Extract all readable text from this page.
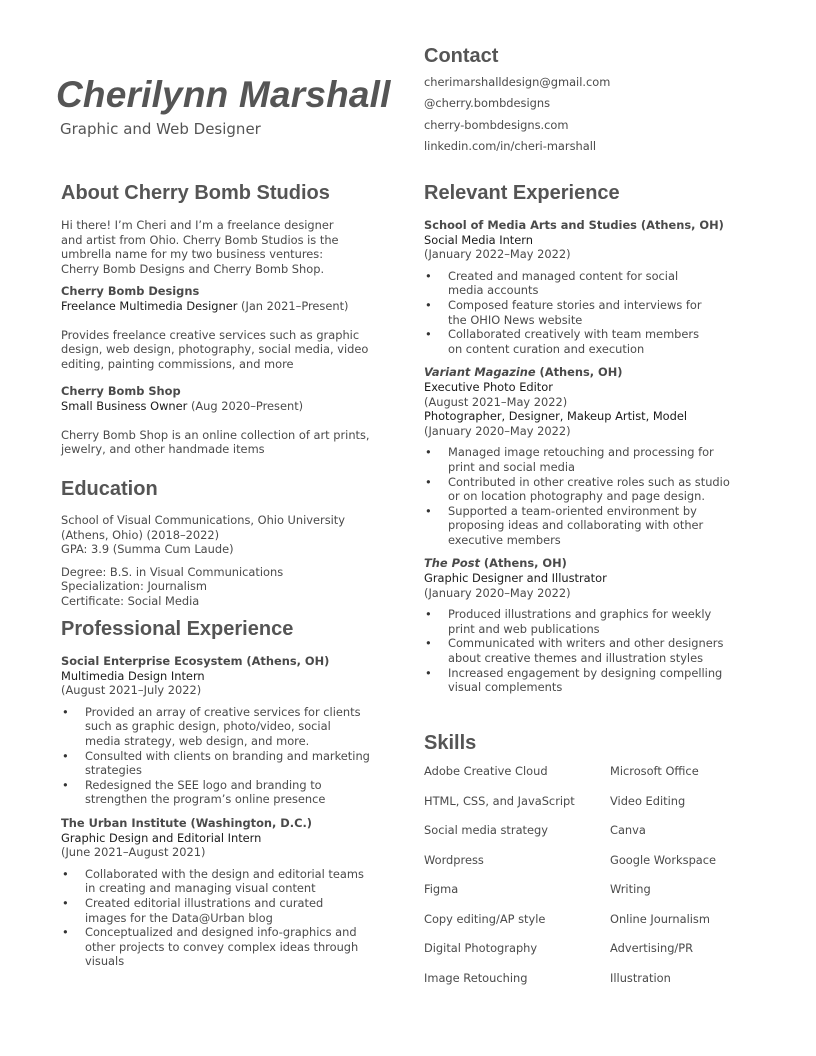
Cherilynn Marshall
Graphic and Web Designer
Contact
cherimarshalldesign@gmail.com
@cherry.bombdesigns
cherry-bombdesigns.com
linkedin.com/in/cheri-marshall
About Cherry Bomb Studios
Hi there! I’m Cheri and I’m a freelance designer
and artist from Ohio. Cherry Bomb Studios is the
umbrella name for my two business ventures:
Cherry Bomb Designs and Cherry Bomb Shop.
Cherry Bomb Designs
Freelance Multimedia Designer (Jan 2021–Present)
Provides freelance creative services such as graphic
design, web design, photography, social media, video
editing, painting commissions, and more
Cherry Bomb Shop
Small Business Owner (Aug 2020–Present)
Cherry Bomb Shop is an online collection of art prints,
jewelry, and other handmade items
Education
School of Visual Communications, Ohio University
(Athens, Ohio) (2018–2022)
GPA: 3.9 (Summa Cum Laude)
Degree: B.S. in Visual Communications
Specialization: Journalism
Certificate: Social Media
Professional Experience
Social Enterprise Ecosystem (Athens, OH)
Multimedia Design Intern
(August 2021–July 2022)
• Provided an array of creative services for clients
such as graphic design, photo/video, social
media strategy, web design, and more.
• Consulted with clients on branding and marketing
strategies
• Redesigned the SEE logo and branding to
strengthen the program’s online presence
The Urban Institute (Washington, D.C.)
Graphic Design and Editorial Intern
(June 2021–August 2021)
• Collaborated with the design and editorial teams
in creating and managing visual content
• Created editorial illustrations and curated
images for the Data@Urban blog
• Conceptualized and designed info-graphics and
other projects to convey complex ideas through
visuals
Relevant Experience
School of Media Arts and Studies (Athens, OH)
Social Media Intern
(January 2022–May 2022)
• Created and managed content for social
media accounts
• Composed feature stories and interviews for
the OHIO News website
• Collaborated creatively with team members
on content curation and execution
Variant Magazine (Athens, OH)
Executive Photo Editor
(August 2021–May 2022)
Photographer, Designer, Makeup Artist, Model
(January 2020–May 2022)
• Managed image retouching and processing for
print and social media
• Contributed in other creative roles such as studio
or on location photography and page design.
• Supported a team-oriented environment by
proposing ideas and collaborating with other
executive members
The Post (Athens, OH)
Graphic Designer and Illustrator
(January 2020–May 2022)
• Produced illustrations and graphics for weekly
print and web publications
• Communicated with writers and other designers
about creative themes and illustration styles
• Increased engagement by designing compelling
visual complements
Skills
Adobe Creative Cloud
HTML, CSS, and JavaScript
Social media strategy
Wordpress
Figma
Copy editing/AP style
Digital Photography
Image Retouching
Microsoft Office
Video Editing
Canva
Google Workspace
Writing
Online Journalism
Advertising/PR
Illustration
